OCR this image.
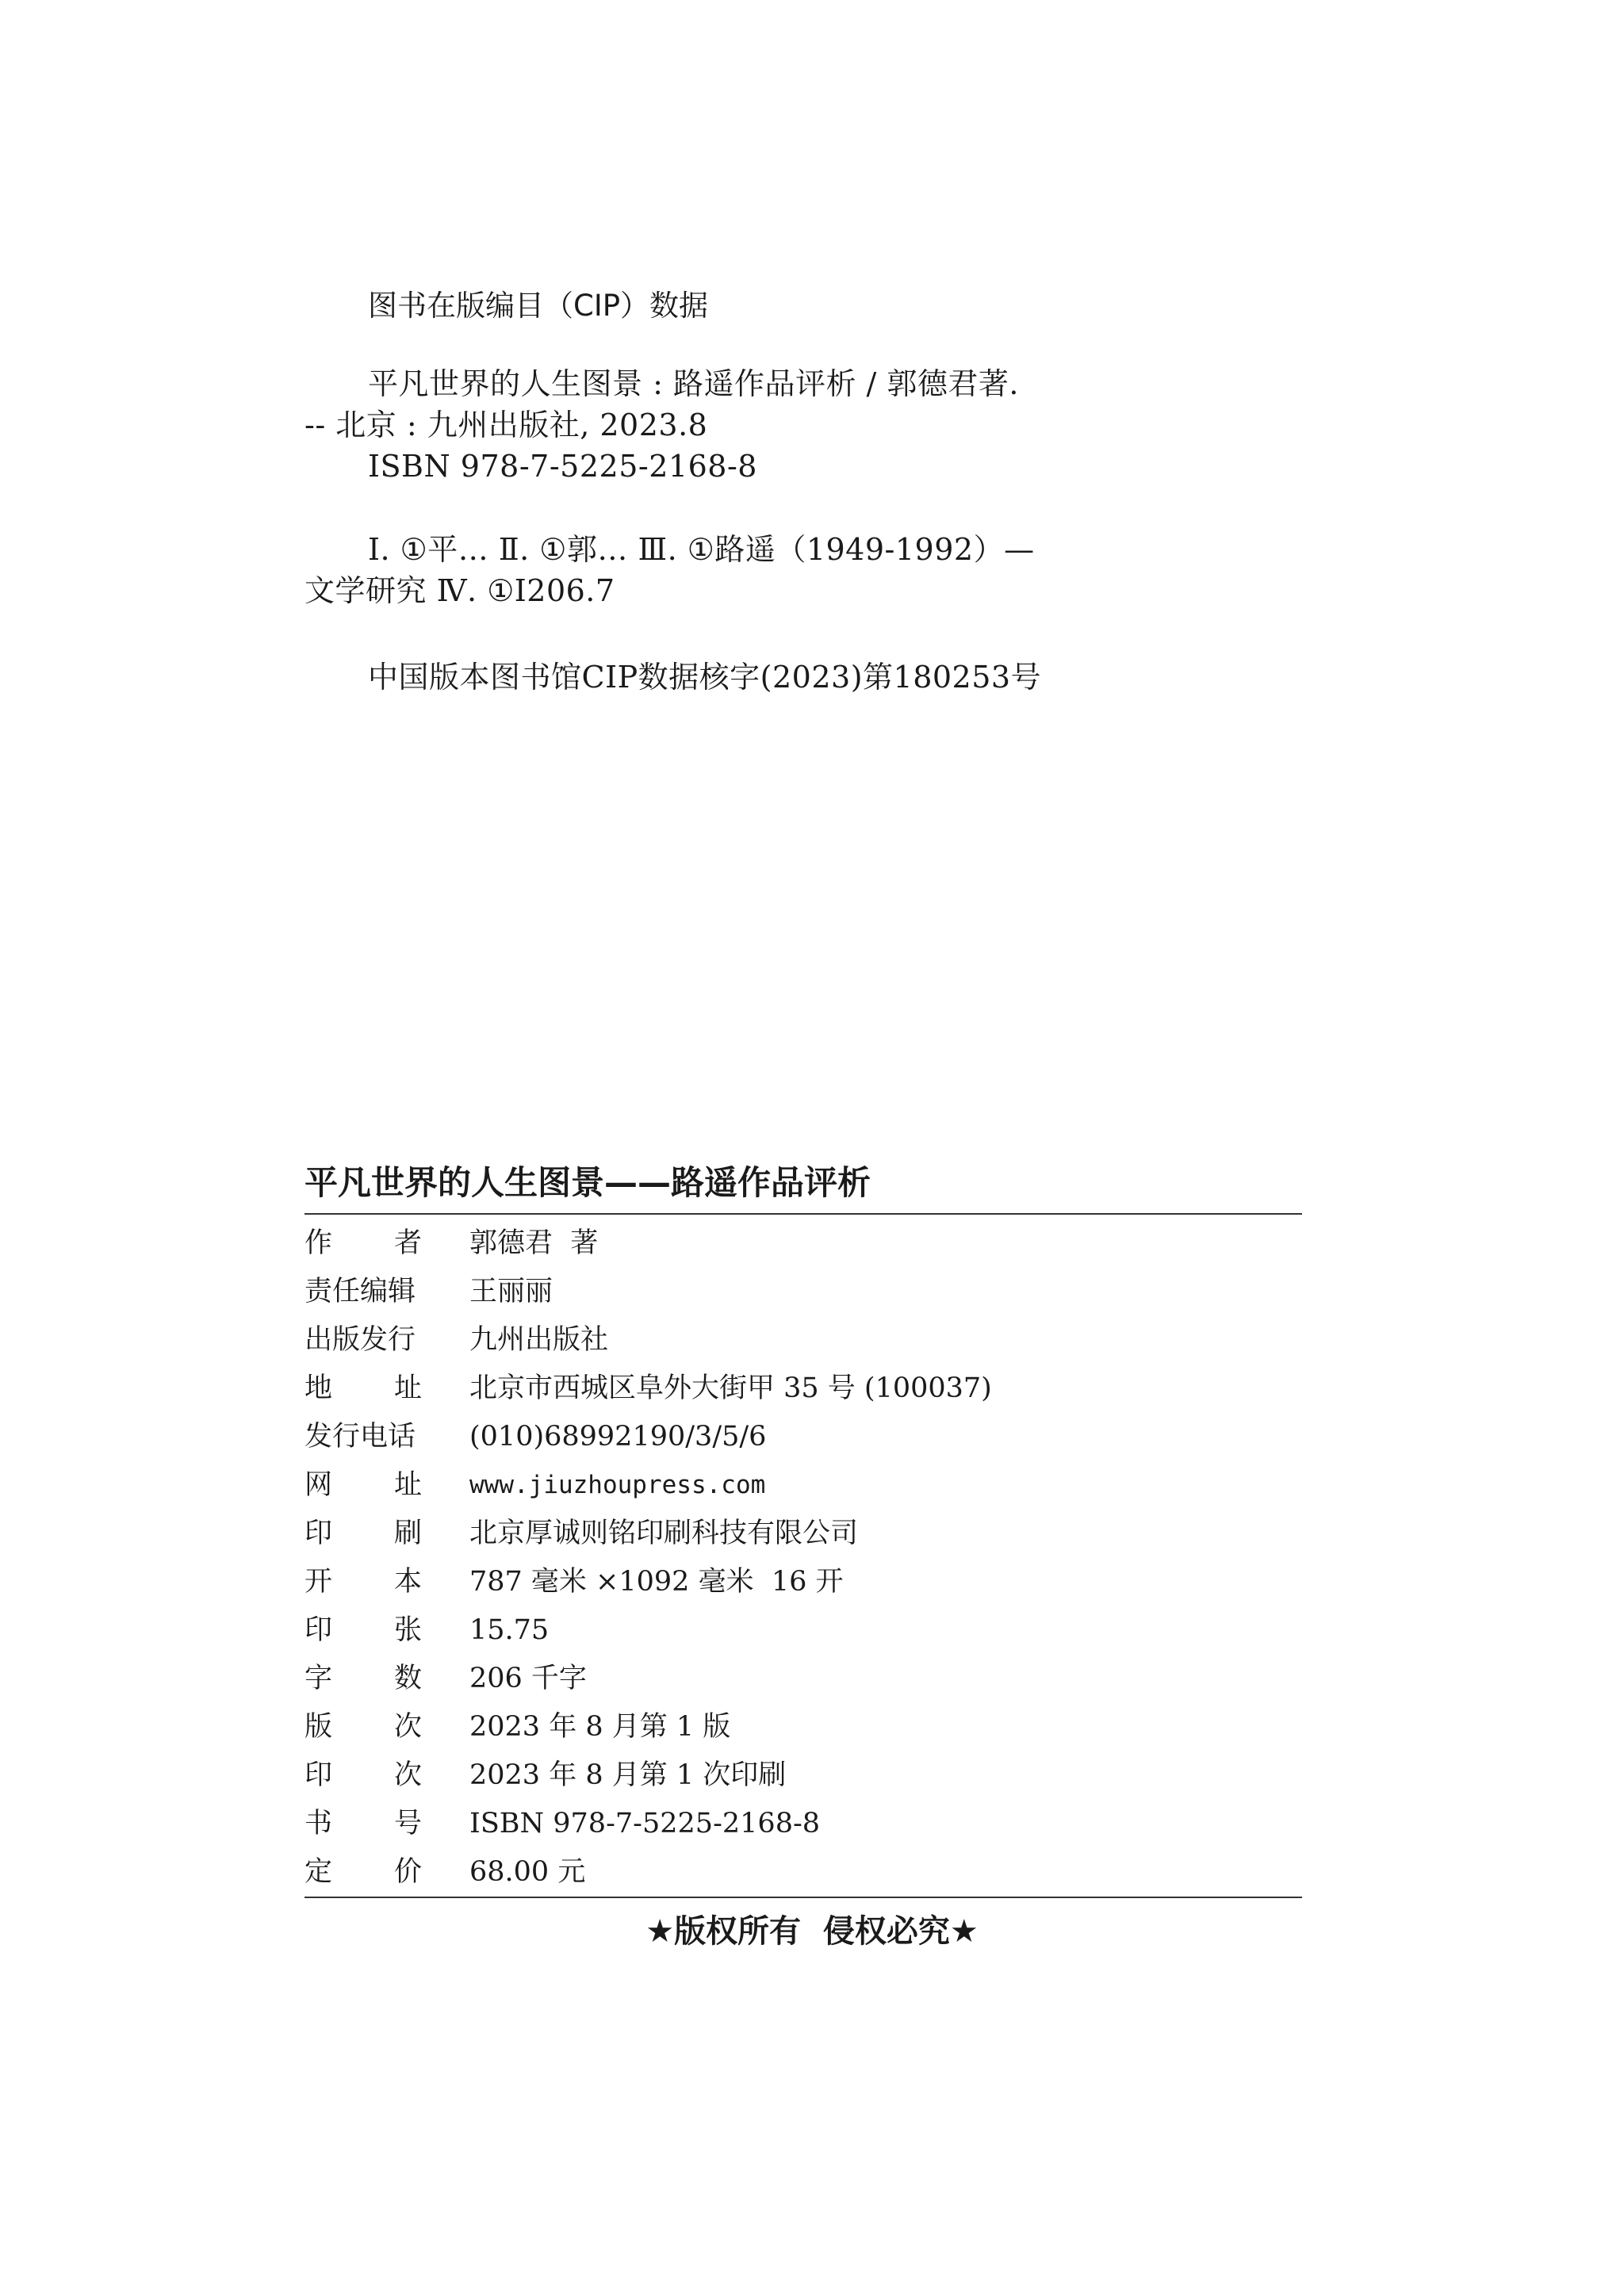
图书在版编目（CIP）数据
平凡世界的人生图景 : 路遥作品评析 / 郭德君著.
-- 北京 : 九州出版社, 2023.8
ISBN 978-7-5225-2168-8
Ⅰ. ①平… Ⅱ. ①郭… Ⅲ. ①路遥（1949-1992）—
文学研究 Ⅳ. ①I206.7
中国版本图书馆CIP数据核字(2023)第180253号
平凡世界的人生图景——路遥作品评析
作 者 郭德君  著
责任编辑 王丽丽
出版发行 九州出版社
地 址 北京市西城区阜外大街甲 35 号 (100037)
发行电话 (010)68992190/3/5/6
网 址 www.jiuzhoupress.com
印 刷 北京厚诚则铭印刷科技有限公司
开 本 787 毫米 ×1092 毫米  16 开
印 张 15.75
字 数 206 千字
版 次 2023 年 8 月第 1 版
印 次 2023 年 8 月第 1 次印刷
书 号 ISBN 978-7-5225-2168-8
定 价 68.00 元
★版权所有  侵权必究★
